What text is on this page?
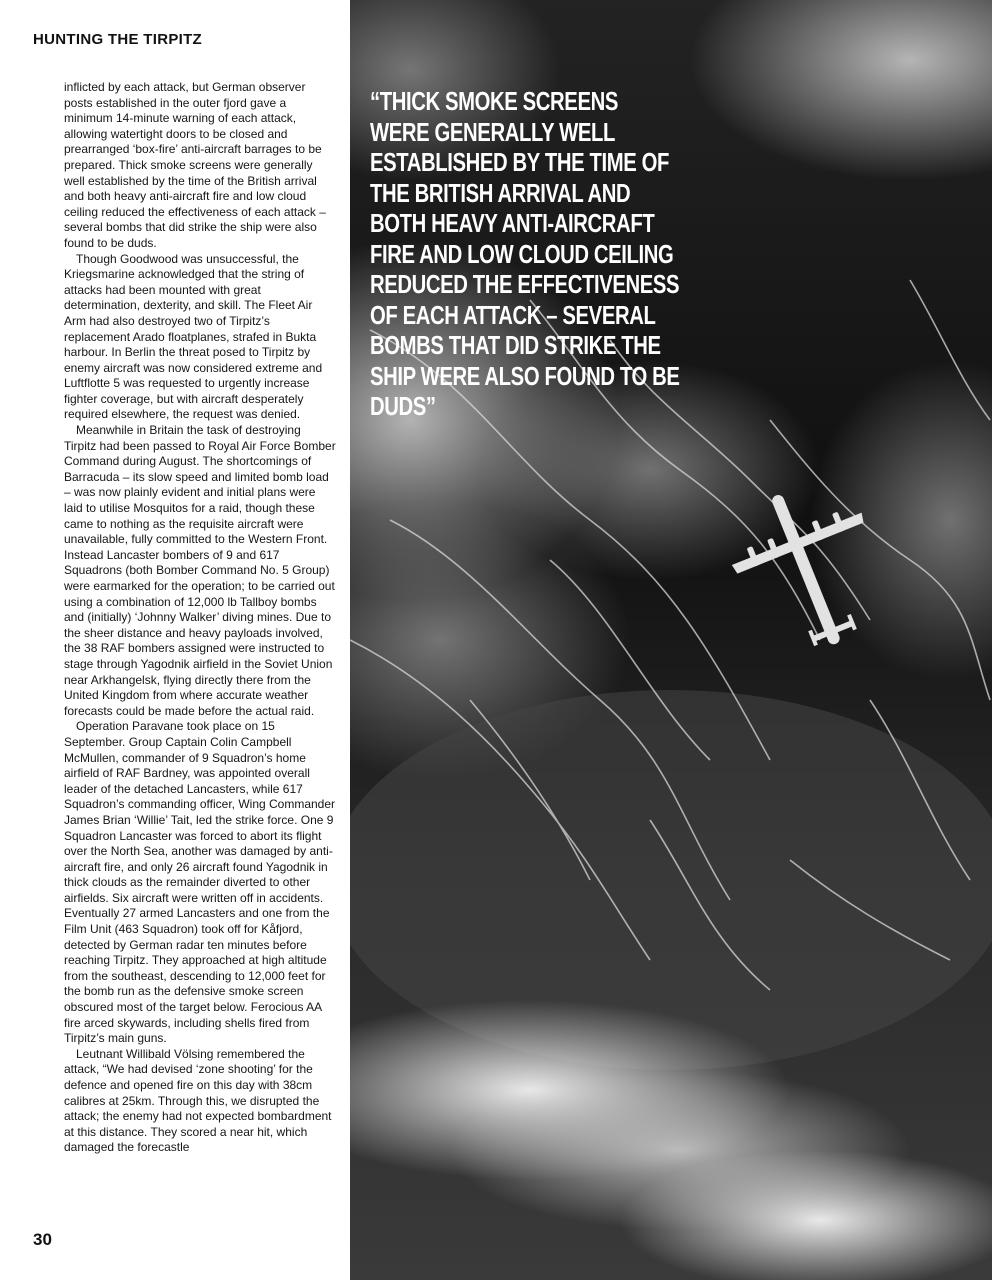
HUNTING THE TIRPITZ

inflicted by each attack, but German observer posts established in the outer fjord gave a minimum 14-minute warning of each attack, allowing watertight doors to be closed and prearranged ‘box-fire’ anti-aircraft barrages to be prepared. Thick smoke screens were generally well established by the time of the British arrival and both heavy anti-aircraft fire and low cloud ceiling reduced the effectiveness of each attack – several bombs that did strike the ship were also found to be duds.

Though Goodwood was unsuccessful, the Kriegsmarine acknowledged that the string of attacks had been mounted with great determination, dexterity, and skill. The Fleet Air Arm had also destroyed two of Tirpitz’s replacement Arado floatplanes, strafed in Bukta harbour. In Berlin the threat posed to Tirpitz by enemy aircraft was now considered extreme and Luftflotte 5 was requested to urgently increase fighter coverage, but with aircraft desperately required elsewhere, the request was denied.

Meanwhile in Britain the task of destroying Tirpitz had been passed to Royal Air Force Bomber Command during August. The shortcomings of Barracuda – its slow speed and limited bomb load – was now plainly evident and initial plans were laid to utilise Mosquitos for a raid, though these came to nothing as the requisite aircraft were unavailable, fully committed to the Western Front. Instead Lancaster bombers of 9 and 617 Squadrons (both Bomber Command No. 5 Group) were earmarked for the operation; to be carried out using a combination of 12,000 lb Tallboy bombs and (initially) ‘Johnny Walker’ diving mines. Due to the sheer distance and heavy payloads involved, the 38 RAF bombers assigned were instructed to stage through Yagodnik airfield in the Soviet Union near Arkhangelsk, flying directly there from the United Kingdom from where accurate weather forecasts could be made before the actual raid.

Operation Paravane took place on 15 September. Group Captain Colin Campbell McMullen, commander of 9 Squadron’s home airfield of RAF Bardney, was appointed overall leader of the detached Lancasters, while 617 Squadron’s commanding officer, Wing Commander James Brian ‘Willie’ Tait, led the strike force. One 9 Squadron Lancaster was forced to abort its flight over the North Sea, another was damaged by anti-aircraft fire, and only 26 aircraft found Yagodnik in thick clouds as the remainder diverted to other airfields. Six aircraft were written off in accidents. Eventually 27 armed Lancasters and one from the Film Unit (463 Squadron) took off for Kåfjord, detected by German radar ten minutes before reaching Tirpitz. They approached at high altitude from the southeast, descending to 12,000 feet for the bomb run as the defensive smoke screen obscured most of the target below. Ferocious AA fire arced skywards, including shells fired from Tirpitz’s main guns.

Leutnant Willibald Völsing remembered the attack, “We had devised ‘zone shooting’ for the defence and opened fire on this day with 38cm calibres at 25km. Through this, we disrupted the attack; the enemy had not expected bombardment at this distance. They scored a near hit, which damaged the forecastle

30
“THICK SMOKE SCREENS WERE GENERALLY WELL ESTABLISHED BY THE TIME OF THE BRITISH ARRIVAL AND BOTH HEAVY ANTI-AIRCRAFT FIRE AND LOW CLOUD CEILING REDUCED THE EFFECTIVENESS OF EACH ATTACK – SEVERAL BOMBS THAT DID STRIKE THE SHIP WERE ALSO FOUND TO BE DUDS”
